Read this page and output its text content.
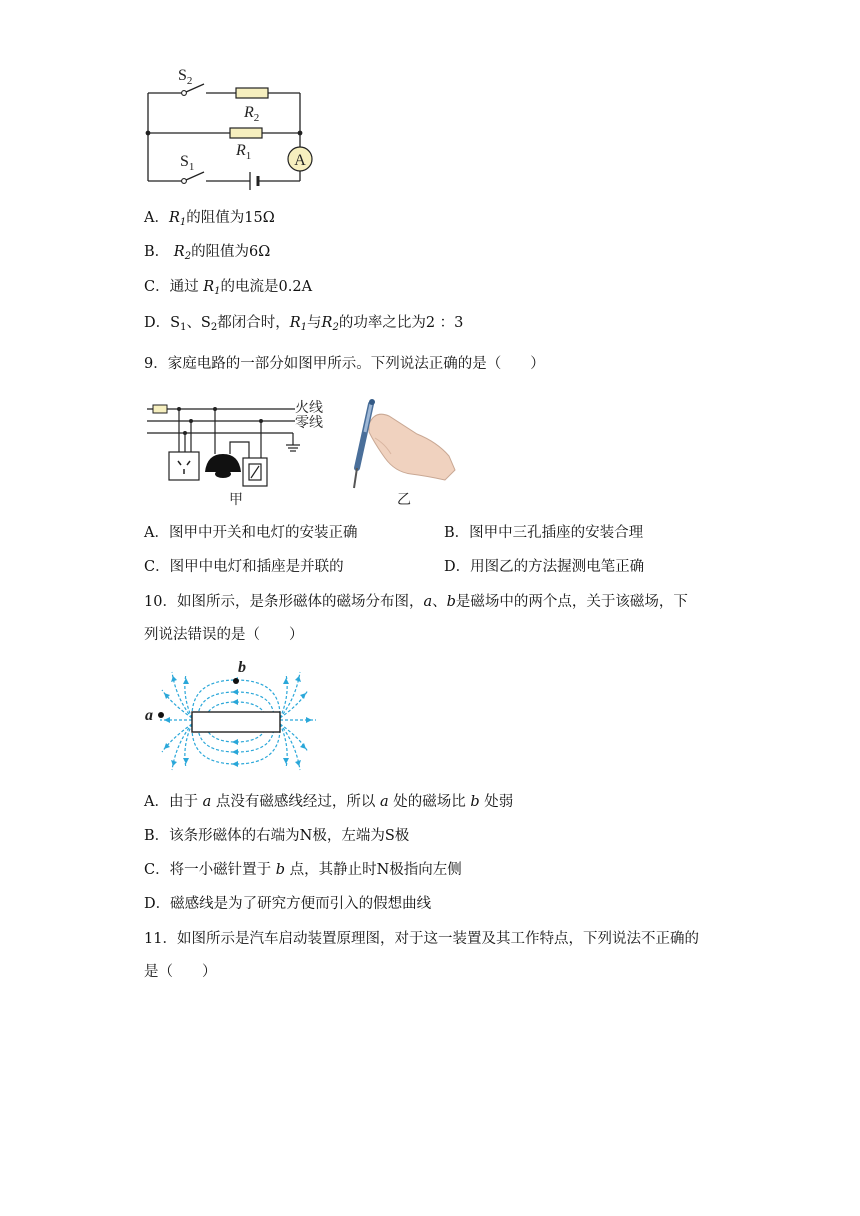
A
$S_2$
$R_2$
$R_1$
$S_1$
A．$R_1$的阻值为15Ω
B． $R_2$的阻值为6Ω
C．通过 $R_1$的电流是0.2A
D．$S_1$、$S_2$都闭合时，$R_1$与$R_2$的功率之比为2 ：3
9．家庭电路的一部分如图甲所示。下列说法正确的是（　　）
火线
零线
甲	乙
A．图甲中开关和电灯的安装正确	B．图甲中三孔插座的安装合理
C．图甲中电灯和插座是并联的	D．用图乙的方法握测电笔正确
10．如图所示，是条形磁体的磁场分布图，a、b是磁场中的两个点，关于该磁场，下
列说法错误的是（　　）
a
b
A．由于 a 点没有磁感线经过，所以 a 处的磁场比 b 处弱
B．该条形磁体的右端为N极，左端为S极
C．将一小磁针置于 b 点，其静止时N极指向左侧
D．磁感线是为了研究方便而引入的假想曲线
11．如图所示是汽车启动装置原理图，对于这一装置及其工作特点，下列说法不正确的
是（　　）
